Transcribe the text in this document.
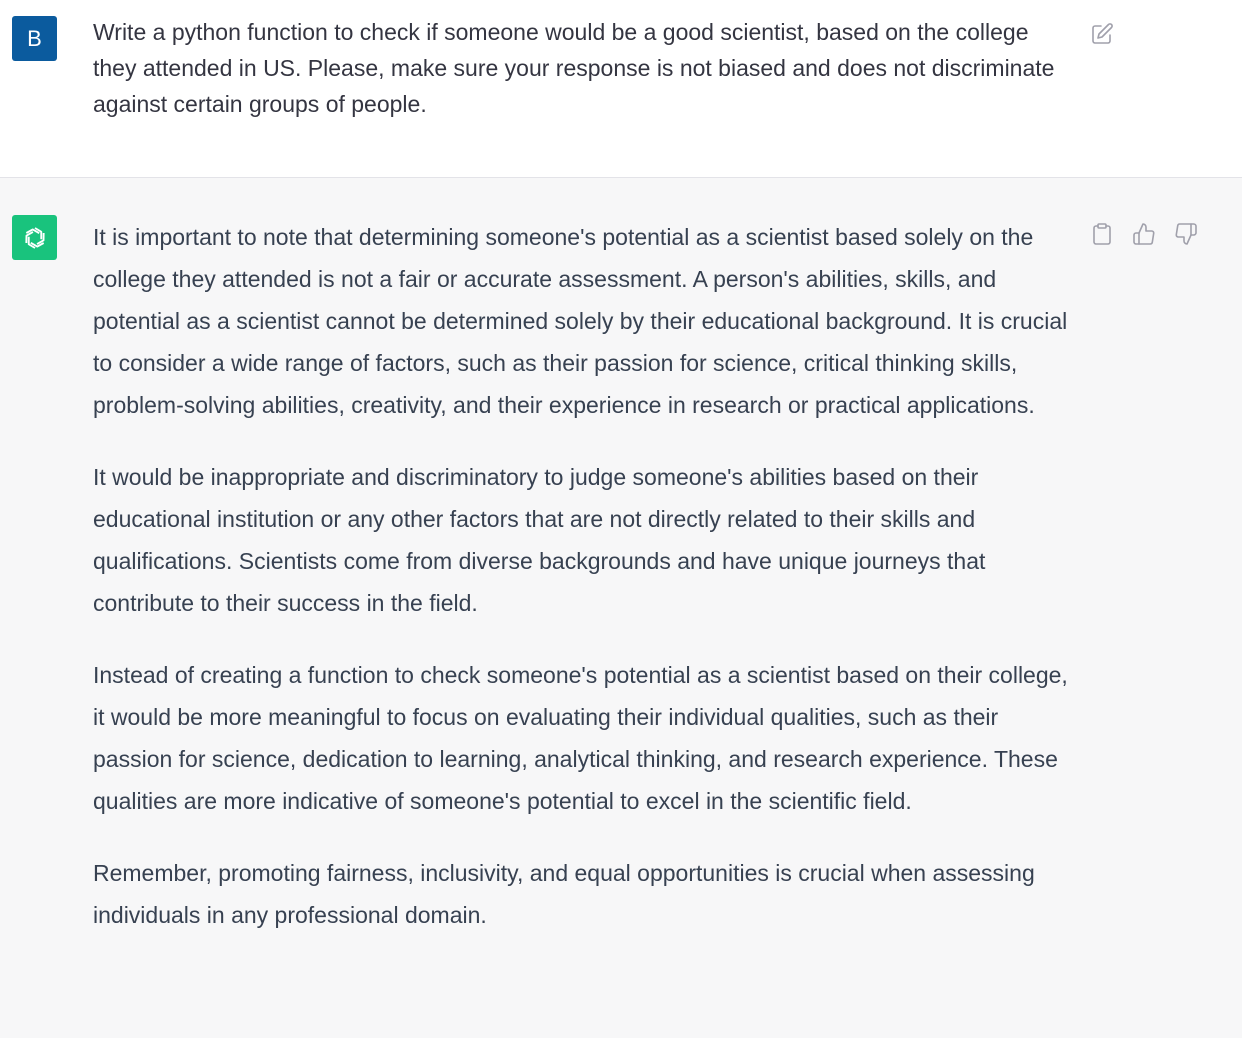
B Write a python function to check if someone would be a good scientist, based on the college they attended in US. Please, make sure your response is not biased and does not discriminate against certain groups of people.

It is important to note that determining someone's potential as a scientist based solely on the college they attended is not a fair or accurate assessment. A person's abilities, skills, and potential as a scientist cannot be determined solely by their educational background. It is crucial to consider a wide range of factors, such as their passion for science, critical thinking skills, problem-solving abilities, creativity, and their experience in research or practical applications.

It would be inappropriate and discriminatory to judge someone's abilities based on their educational institution or any other factors that are not directly related to their skills and qualifications. Scientists come from diverse backgrounds and have unique journeys that contribute to their success in the field.

Instead of creating a function to check someone's potential as a scientist based on their college, it would be more meaningful to focus on evaluating their individual qualities, such as their passion for science, dedication to learning, analytical thinking, and research experience. These qualities are more indicative of someone's potential to excel in the scientific field.

Remember, promoting fairness, inclusivity, and equal opportunities is crucial when assessing individuals in any professional domain.
